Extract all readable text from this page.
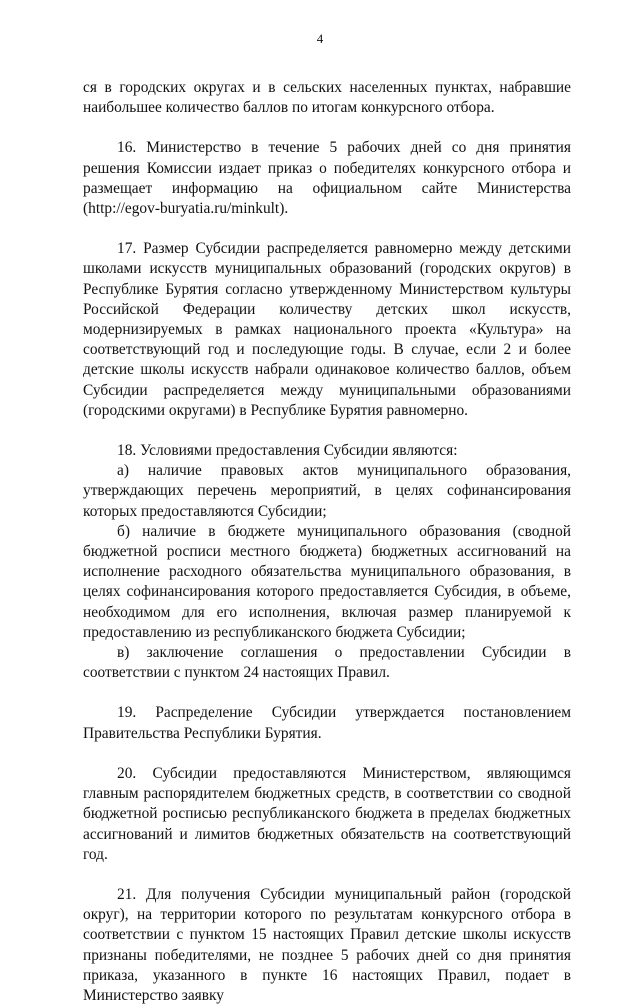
4

ся в городских округах и в сельских населенных пунктах, набравшие наибольшее количество баллов по итогам конкурсного отбора.

16. Министерство в течение 5 рабочих дней со дня принятия решения Комиссии издает приказ о победителях конкурсного отбора и размещает информацию на официальном сайте Министерства (http://egov-buryatia.ru/minkult).

17. Размер Субсидии распределяется равномерно между детскими школами искусств муниципальных образований (городских округов) в Республике Бурятия согласно утвержденному Министерством культуры Российской Федерации количеству детских школ искусств, модернизируемых в рамках национального проекта «Культура» на соответствующий год и последующие годы. В случае, если 2 и более детские школы искусств набрали одинаковое количество баллов, объем Субсидии распределяется между муниципальными образованиями (городскими округами) в Республике Бурятия равномерно.

18. Условиями предоставления Субсидии являются:

а) наличие правовых актов муниципального образования, утверждающих перечень мероприятий, в целях софинансирования которых предоставляются Субсидии;

б) наличие в бюджете муниципального образования (сводной бюджетной росписи местного бюджета) бюджетных ассигнований на исполнение расходного обязательства муниципального образования, в целях софинансирования которого предоставляется Субсидия, в объеме, необходимом для его исполнения, включая размер планируемой к предоставлению из республиканского бюджета Субсидии;

в) заключение соглашения о предоставлении Субсидии в соответствии с пунктом 24 настоящих Правил.

19. Распределение Субсидии утверждается постановлением Правительства Республики Бурятия.

20. Субсидии предоставляются Министерством, являющимся главным распорядителем бюджетных средств, в соответствии со сводной бюджетной росписью республиканского бюджета в пределах бюджетных ассигнований и лимитов бюджетных обязательств на соответствующий год.

21. Для получения Субсидии муниципальный район (городской округ), на территории которого по результатам конкурсного отбора в соответствии с пунктом 15 настоящих Правил детские школы искусств признаны победителями, не позднее 5 рабочих дней со дня принятия приказа, указанного в пункте 16 настоящих Правил, подает в Министерство заявку
